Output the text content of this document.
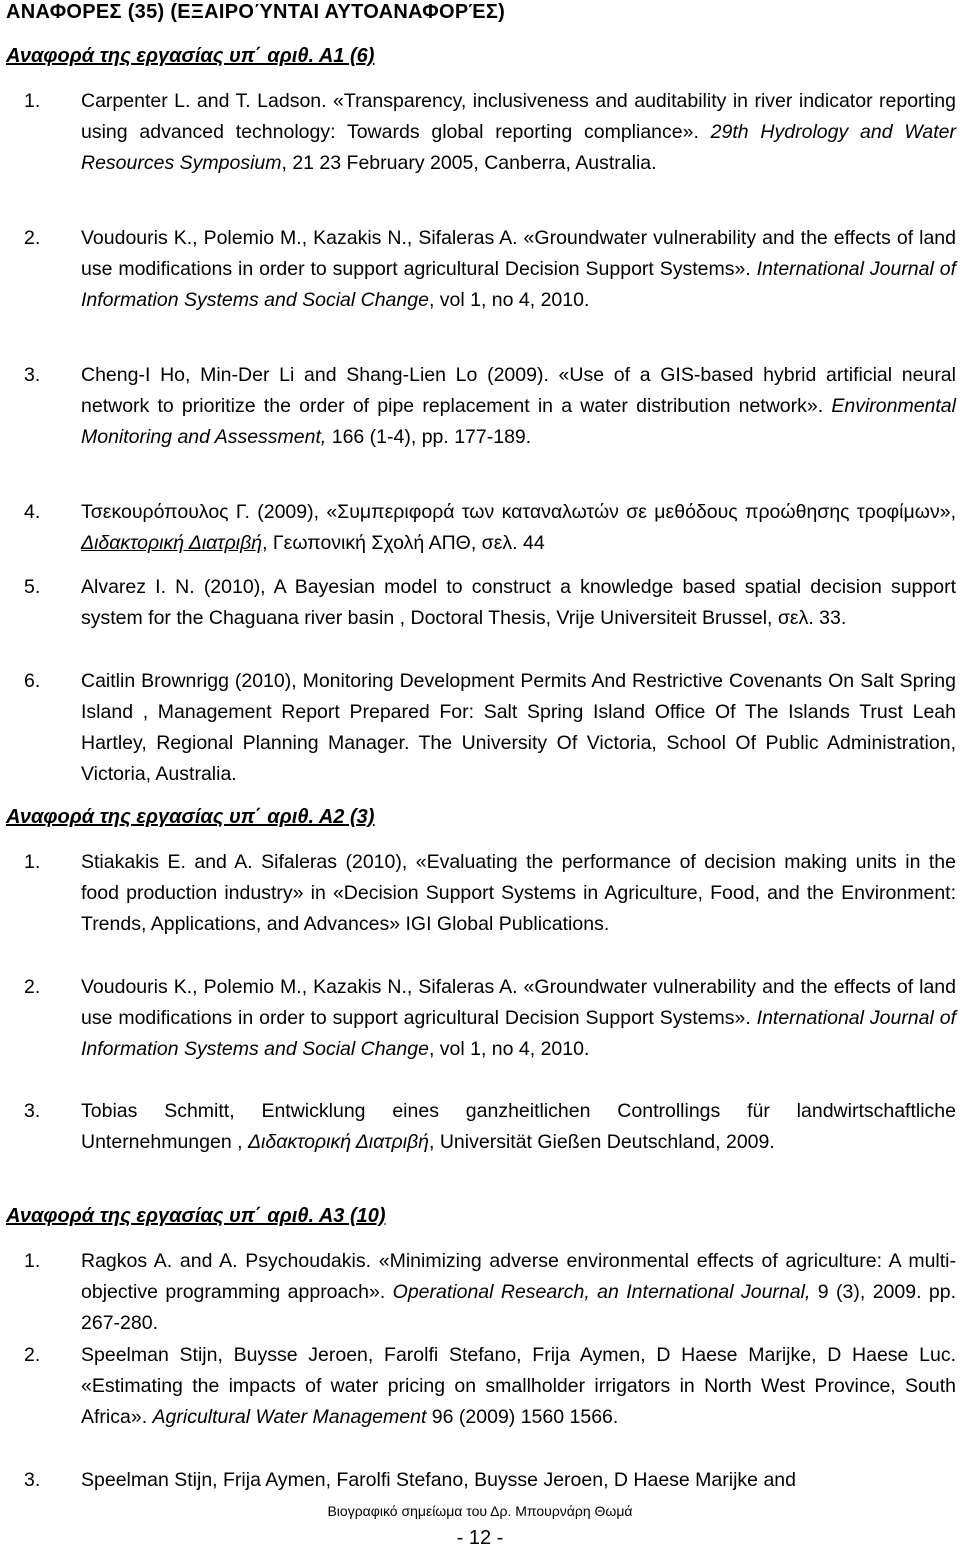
ΑΝΑΦΟΡΕΣ (35) (ΕΞΑΙΡΟΎΝΤΑΙ ΑΥΤΟΑΝΑΦΟΡΈΣ)
Αναφορά της εργασίας υπ΄ αριθ. Α1 (6)
1. Carpenter L. and T. Ladson. «Transparency, inclusiveness and auditability in river indicator reporting using advanced technology: Towards global reporting compliance». 29th Hydrology and Water Resources Symposium, 21 23 February 2005, Canberra, Australia.
2. Voudouris K., Polemio M., Kazakis N., Sifaleras A. «Groundwater vulnerability and the effects of land use modifications in order to support agricultural Decision Support Systems». International Journal of Information Systems and Social Change, vol 1, no 4, 2010.
3. Cheng-I Ho, Min-Der Li and Shang-Lien Lo (2009). «Use of a GIS-based hybrid artificial neural network to prioritize the order of pipe replacement in a water distribution network». Environmental Monitoring and Assessment, 166 (1-4), pp. 177-189.
4. Τσεκουρόπουλος Γ. (2009), «Συμπεριφορά των καταναλωτών σε μεθόδους προώθησης τροφίμων», Διδακτορική Διατριβή, Γεωπονική Σχολή ΑΠΘ, σελ. 44
5. Alvarez I. N. (2010), A Bayesian model to construct a knowledge based spatial decision support system for the Chaguana river basin , Doctoral Thesis, Vrije Universiteit Brussel, σελ. 33.
6. Caitlin Brownrigg (2010), Monitoring Development Permits And Restrictive Covenants On Salt Spring Island , Management Report Prepared For: Salt Spring Island Office Of The Islands Trust Leah Hartley, Regional Planning Manager. The University Of Victoria, School Of Public Administration, Victoria, Australia.
Αναφορά της εργασίας υπ΄ αριθ. Α2 (3)
1. Stiakakis E. and A. Sifaleras (2010), «Evaluating the performance of decision making units in the food production industry» in «Decision Support Systems in Agriculture, Food, and the Environment: Trends, Applications, and Advances» IGI Global Publications.
2. Voudouris K., Polemio M., Kazakis N., Sifaleras A. «Groundwater vulnerability and the effects of land use modifications in order to support agricultural Decision Support Systems». International Journal of Information Systems and Social Change, vol 1, no 4, 2010.
3. Tobias Schmitt, Entwicklung eines ganzheitlichen Controllings für landwirtschaftliche Unternehmungen , Διδακτορική Διατριβή, Universität Gießen Deutschland, 2009.
Αναφορά της εργασίας υπ΄ αριθ. Α3 (10)
1. Ragkos A. and A. Psychoudakis. «Minimizing adverse environmental effects of agriculture: A multi-objective programming approach». Operational Research, an International Journal, 9 (3), 2009. pp. 267-280.
2. Speelman Stijn, Buysse Jeroen, Farolfi Stefano, Frija Aymen, D Haese Marijke, D Haese Luc. «Estimating the impacts of water pricing on smallholder irrigators in North West Province, South Africa». Agricultural Water Management 96 (2009) 1560 1566.
3. Speelman Stijn, Frija Aymen, Farolfi Stefano, Buysse Jeroen, D Haese Marijke and
Βιογραφικό σημείωμα του Δρ. Μπουρνάρη Θωμά
- 12 -
